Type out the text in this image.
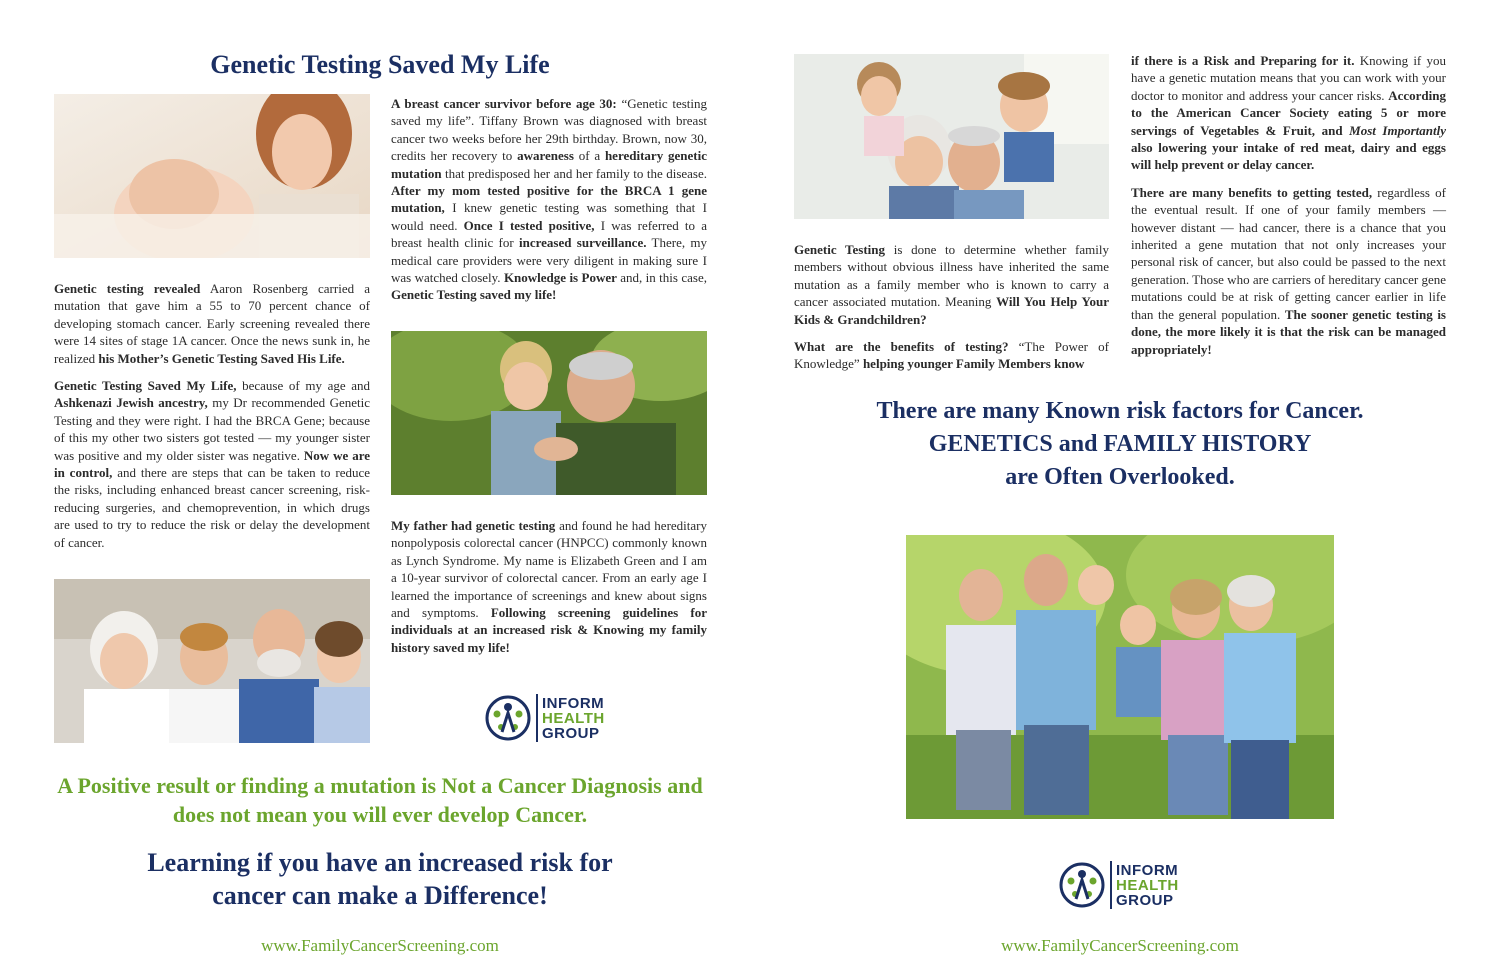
Genetic Testing Saved My Life

Genetic testing revealed Aaron Rosenberg carried a mutation that gave him a 55 to 70 percent chance of developing stomach cancer. Early screening revealed there were 14 sites of stage 1A cancer. Once the news sunk in, he realized his Mother’s Genetic Testing Saved His Life.

Genetic Testing Saved My Life, because of my age and Ashkenazi Jewish ancestry, my Dr recommended Genetic Testing and they were right. I had the BRCA Gene; because of this my other two sisters got tested — my younger sister was positive and my older sister was negative. Now we are in control, and there are steps that can be taken to reduce the risks, including enhanced breast cancer screening, risk-reducing surgeries, and chemoprevention, in which drugs are used to try to reduce the risk or delay the development of cancer.

A breast cancer survivor before age 30: “Genetic testing saved my life”. Tiffany Brown was diagnosed with breast cancer two weeks before her 29th birthday. Brown, now 30, credits her recovery to awareness of a hereditary genetic mutation that predisposed her and her family to the disease. After my mom tested positive for the BRCA 1 gene mutation, I knew genetic testing was something that I would need. Once I tested positive, I was referred to a breast health clinic for increased surveillance. There, my medical care providers were very diligent in making sure I was watched closely. Knowledge is Power and, in this case, Genetic Testing saved my life!

My father had genetic testing and found he had hereditary nonpolyposis colorectal cancer (HNPCC) commonly known as Lynch Syndrome. My name is Elizabeth Green and I am a 10-year survivor of colorectal cancer. From an early age I learned the importance of screenings and knew about signs and symptoms. Following screening guidelines for individuals at an increased risk & Knowing my family history saved my life!

INFORM
HEALTH
GROUP
A Positive result or finding a mutation is Not a Cancer Diagnosis and does not mean you will ever develop Cancer.
Learning if you have an increased risk for cancer can make a Difference!
www.FamilyCancerScreening.com

Genetic Testing is done to determine whether family members without obvious illness have inherited the same mutation as a family member who is known to carry a cancer associated mutation. Meaning Will You Help Your Kids & Grandchildren?

What are the benefits of testing? “The Power of Knowledge” helping younger Family Members know

if there is a Risk and Preparing for it. Knowing if you have a genetic mutation means that you can work with your doctor to monitor and address your cancer risks. According to the American Cancer Society eating 5 or more servings of Vegetables & Fruit, and Most Importantly also lowering your intake of red meat, dairy and eggs will help prevent or delay cancer.

There are many benefits to getting tested, regardless of the eventual result. If one of your family members — however distant — had cancer, there is a chance that you inherited a gene mutation that not only increases your personal risk of cancer, but also could be passed to the next generation. Those who are carriers of hereditary cancer gene mutations could be at risk of getting cancer earlier in life than the general population. The sooner genetic testing is done, the more likely it is that the risk can be managed appropriately!

There are many Known risk factors for Cancer.
GENETICS and FAMILY HISTORY
are Often Overlooked.
INFORM
HEALTH
GROUP
www.FamilyCancerScreening.com
